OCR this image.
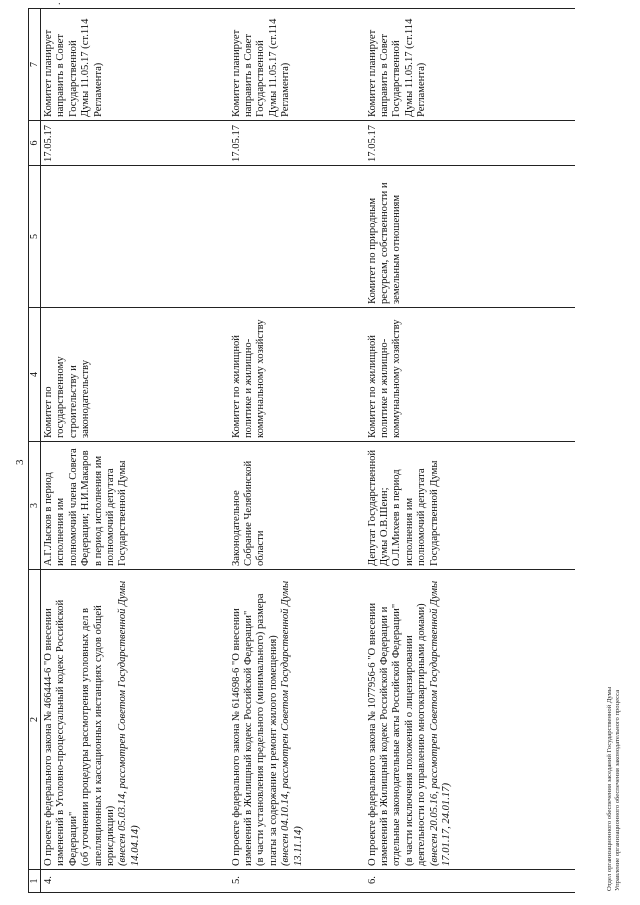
3
.
1	2	3	4	5	6	7
4.	О проекте федерального закона № 466444-6 "О внесении изменений в Уголовно-процессуальный кодекс Российской Федерации" (об уточнении процедуры рассмотрения уголовных дел в апелляционных и кассационных инстанциях судов общей юрисдикции) (внесен 05.03.14, рассмотрен Советом Государственной Думы 14.04.14)	А.Г.Лысков в период исполнения им полномочий члена Совета Федерации; Н.И.Макаров в период исполнения им полномочий депутата Государственной Думы	Комитет по государственному строительству и законодательству		17.05.17	Комитет планирует направить в Совет Государственной Думы 11.05.17 (ст.114 Регламента)
5.	О проекте федерального закона № 614698-6 "О внесении изменений в Жилищный кодекс Российской Федерации" (в части установления предельного (минимального) размера платы за содержание и ремонт жилого помещения) (внесен 04.10.14, рассмотрен Советом Государственной Думы 13.11.14)	Законодательное Собрание Челябинской области	Комитет по жилищной политике и жилищно-коммунальному хозяйству		17.05.17	Комитет планирует направить в Совет Государственной Думы 11.05.17 (ст.114 Регламента)
6.	О проекте федерального закона № 1077956-6 "О внесении изменений в Жилищный кодекс Российской Федерации и отдельные законодательные акты Российской Федерации" (в части исключения положений о лицензировании деятельности по управлению многоквартирными домами) (внесен 20.05.16, рассмотрен Советом Государственной Думы 17.01.17, 24.01.17)	Депутат Государственной Думы О.В.Шеин; О.Л.Михеев в период исполнения им полномочий депутата Государственной Думы	Комитет по жилищной политике и жилищно-коммунальному хозяйству	Комитет по природным ресурсам, собственности и земельным отношениям	17.05.17	Комитет планирует направить в Совет Государственной Думы 11.05.17 (ст.114 Регламента)
Отдел организационного обеспечения заседаний Государственной Думы Управление организационного обеспечения законодательного процесса
